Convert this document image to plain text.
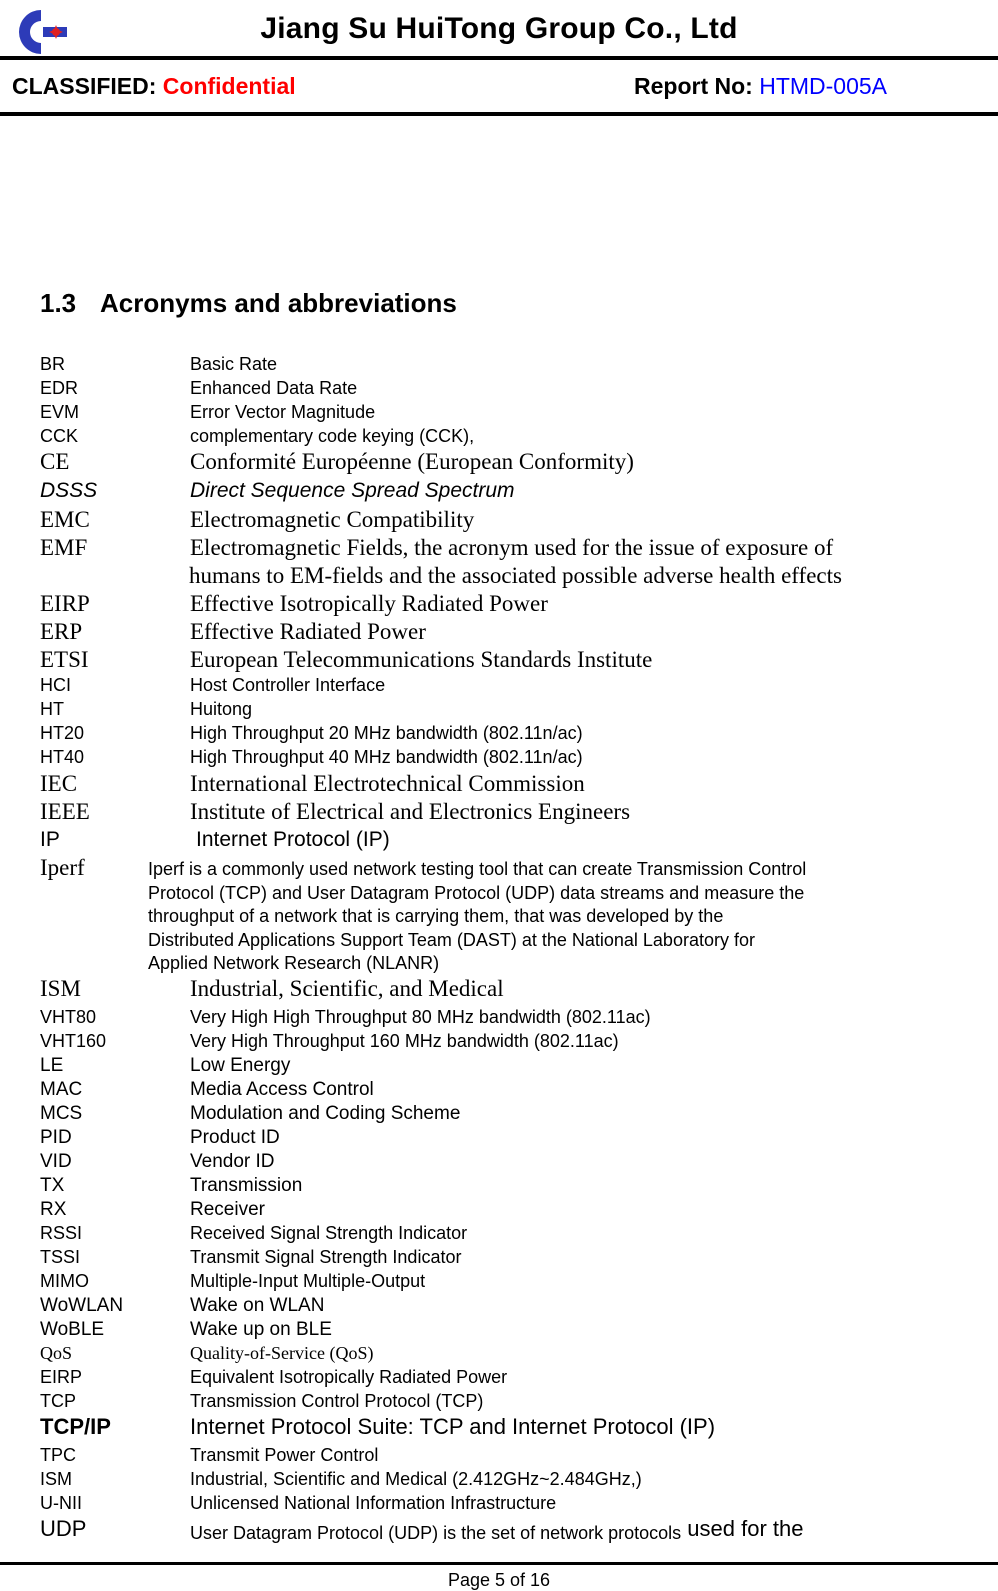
Jiang Su HuiTong Group Co., Ltd
CLASSIFIED: Confidential	Report No: HTMD-005A
1.3 Acronyms and abbreviations
BR	Basic Rate
EDR	Enhanced Data Rate
EVM	Error Vector Magnitude
CCK	complementary code keying (CCK),
CE	Conformité Européenne (European Conformity)
DSSS	Direct Sequence Spread Spectrum
EMC	Electromagnetic Compatibility
EMF	Electromagnetic Fields, the acronym used for the issue of exposure of
humans to EM-fields and the associated possible adverse health effects
EIRP	Effective Isotropically Radiated Power
ERP	Effective Radiated Power
ETSI	European Telecommunications Standards Institute
HCI	Host Controller Interface
HT	Huitong
HT20	High Throughput 20 MHz bandwidth (802.11n/ac)
HT40	High Throughput 40 MHz bandwidth (802.11n/ac)
IEC	International Electrotechnical Commission
IEEE	Institute of Electrical and Electronics Engineers
IP	Internet Protocol (IP)
Iperf	Iperf is a commonly used network testing tool that can create Transmission Control
Protocol (TCP) and User Datagram Protocol (UDP) data streams and measure the
throughput of a network that is carrying them, that was developed by the
Distributed Applications Support Team (DAST) at the National Laboratory for
Applied Network Research (NLANR)
ISM	Industrial, Scientific, and Medical
VHT80	Very High High Throughput 80 MHz bandwidth (802.11ac)
VHT160	Very High Throughput 160 MHz bandwidth (802.11ac)
LE	Low Energy
MAC	Media Access Control
MCS	Modulation and Coding Scheme
PID	Product ID
VID	Vendor ID
TX	Transmission
RX	Receiver
RSSI	Received Signal Strength Indicator
TSSI	Transmit Signal Strength Indicator
MIMO	Multiple-Input Multiple-Output
WoWLAN	Wake on WLAN
WoBLE	Wake up on BLE
QoS	Quality-of-Service (QoS)
EIRP	Equivalent Isotropically Radiated Power
TCP	Transmission Control Protocol (TCP)
TCP/IP	Internet Protocol Suite: TCP and Internet Protocol (IP)
TPC	Transmit Power Control
ISM	Industrial, Scientific and Medical (2.412GHz~2.484GHz,)
U-NII	Unlicensed National Information Infrastructure
UDP	User Datagram Protocol (UDP) is the set of network protocols used for the
Page 5 of 16
